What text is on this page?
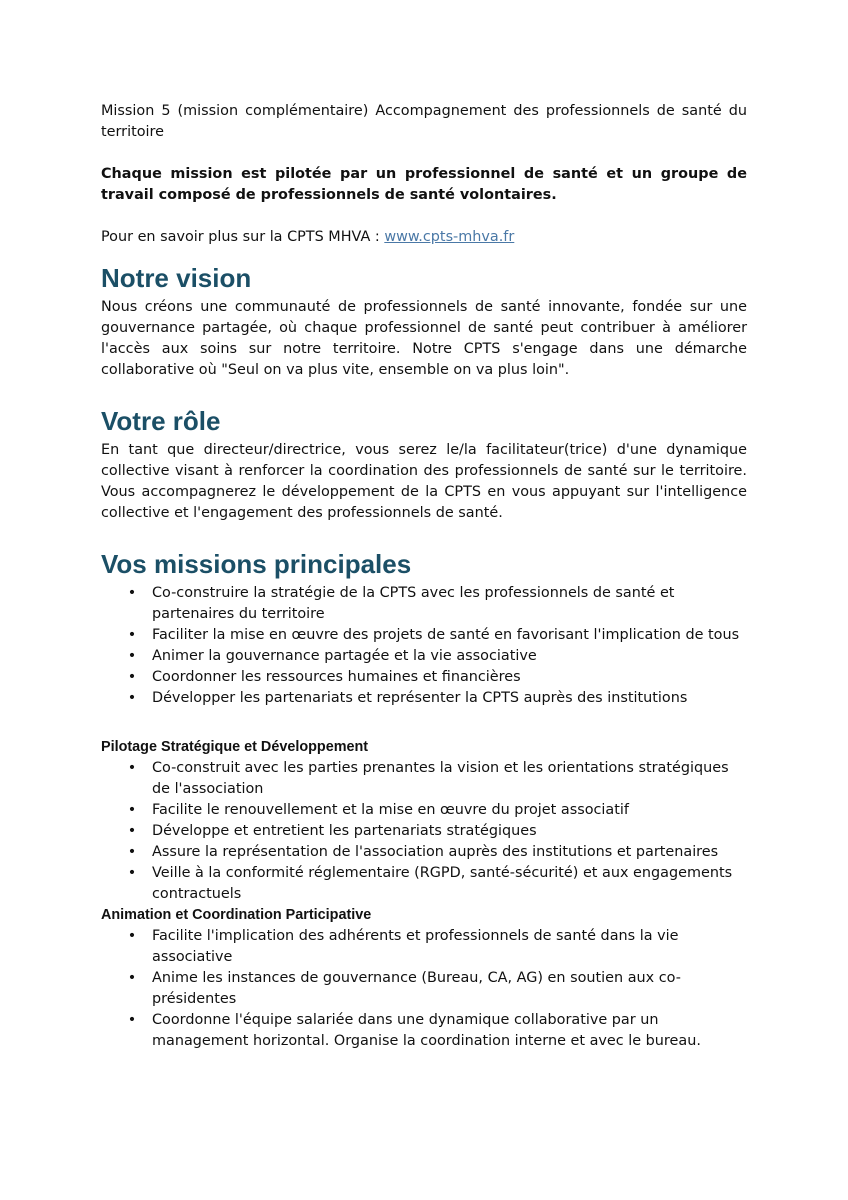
Mission 5 (mission complémentaire) Accompagnement des professionnels de santé du territoire

Chaque mission est pilotée par un professionnel de santé et un groupe de travail composé de professionnels de santé volontaires.

Pour en savoir plus sur la CPTS MHVA : www.cpts-mhva.fr

Notre vision

Nous créons une communauté de professionnels de santé innovante, fondée sur une gouvernance partagée, où chaque professionnel de santé peut contribuer à améliorer l'accès aux soins sur notre territoire. Notre CPTS s'engage dans une démarche collaborative où "Seul on va plus vite, ensemble on va plus loin".

Votre rôle

En tant que directeur/directrice, vous serez le/la facilitateur(trice) d'une dynamique collective visant à renforcer la coordination des professionnels de santé sur le territoire. Vous accompagnerez le développement de la CPTS en vous appuyant sur l'intelligence collective et l'engagement des professionnels de santé.

Vos missions principales
• Co-construire la stratégie de la CPTS avec les professionnels de santé et partenaires du territoire
• Faciliter la mise en œuvre des projets de santé en favorisant l'implication de tous
• Animer la gouvernance partagée et la vie associative
• Coordonner les ressources humaines et financières
• Développer les partenariats et représenter la CPTS auprès des institutions

Pilotage Stratégique et Développement

• Co-construit avec les parties prenantes la vision et les orientations stratégiques de l'association
• Facilite le renouvellement et la mise en œuvre du projet associatif
• Développe et entretient les partenariats stratégiques
• Assure la représentation de l'association auprès des institutions et partenaires
• Veille à la conformité réglementaire (RGPD, santé-sécurité) et aux engagements contractuels

Animation et Coordination Participative

• Facilite l'implication des adhérents et professionnels de santé dans la vie associative
• Anime les instances de gouvernance (Bureau, CA, AG) en soutien aux co-présidentes
• Coordonne l'équipe salariée dans une dynamique collaborative par un management horizontal. Organise la coordination interne et avec le bureau.
